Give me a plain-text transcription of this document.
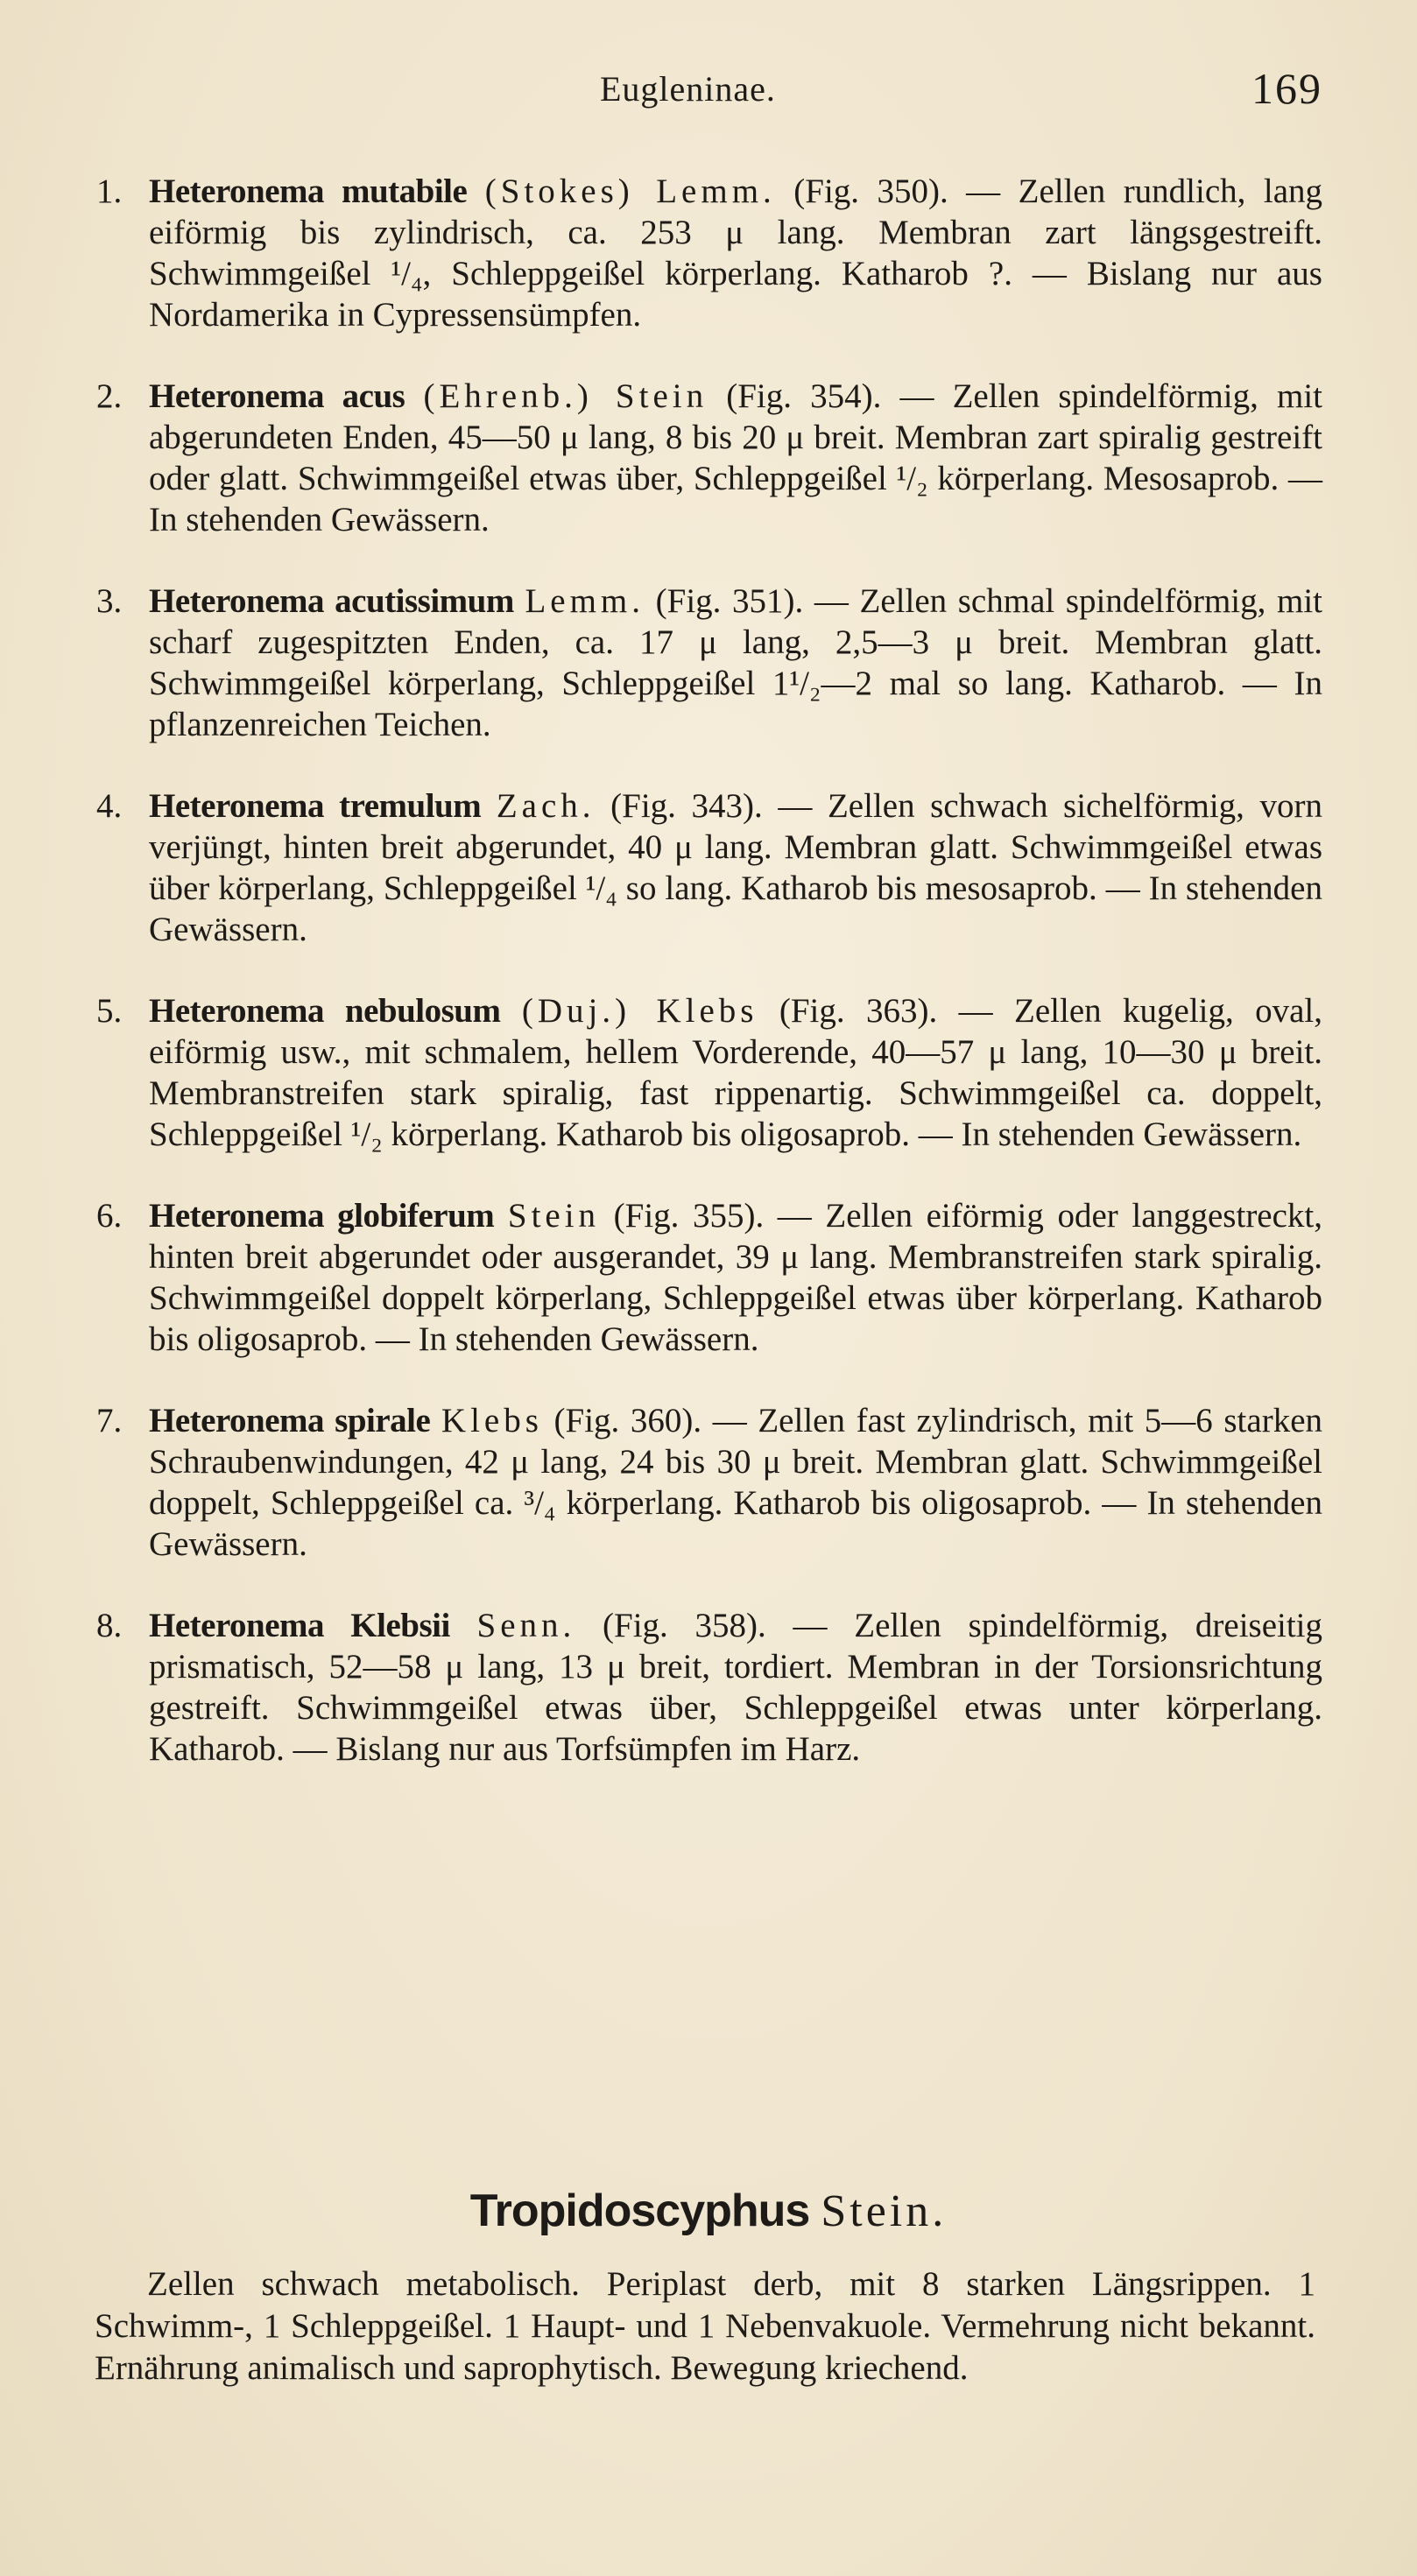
Eugleninae.	169
1. Heteronema mutabile (Stokes) Lemm. (Fig. 350). — Zellen rundlich, lang eiförmig bis zylindrisch, ca. 253 μ lang. Membran zart längsgestreift. Schwimmgeißel ¹/₄, Schleppgeißel körperlang. Katharob ?. — Bislang nur aus Nordamerika in Cypressensümpfen.
2. Heteronema acus (Ehrenb.) Stein (Fig. 354). — Zellen spindelförmig, mit abgerundeten Enden, 45—50 μ lang, 8 bis 20 μ breit. Membran zart spiralig gestreift oder glatt. Schwimmgeißel etwas über, Schleppgeißel ¹/₂ körperlang. Mesosaprob. — In stehenden Gewässern.
3. Heteronema acutissimum Lemm. (Fig. 351). — Zellen schmal spindelförmig, mit scharf zugespitzten Enden, ca. 17 μ lang, 2,5—3 μ breit. Membran glatt. Schwimmgeißel körperlang, Schleppgeißel 1¹/₂—2 mal so lang. Katharob. — In pflanzenreichen Teichen.
4. Heteronema tremulum Zach. (Fig. 343). — Zellen schwach sichelförmig, vorn verjüngt, hinten breit abgerundet, 40 μ lang. Membran glatt. Schwimmgeißel etwas über körperlang, Schleppgeißel ¹/₄ so lang. Katharob bis mesosaprob. — In stehenden Gewässern.
5. Heteronema nebulosum (Duj.) Klebs (Fig. 363). — Zellen kugelig, oval, eiförmig usw., mit schmalem, hellem Vorderende, 40—57 μ lang, 10—30 μ breit. Membranstreifen stark spiralig, fast rippenartig. Schwimmgeißel ca. doppelt, Schleppgeißel ¹/₂ körperlang. Katharob bis oligosaprob. — In stehenden Gewässern.
6. Heteronema globiferum Stein (Fig. 355). — Zellen eiförmig oder langgestreckt, hinten breit abgerundet oder ausgerandet, 39 μ lang. Membranstreifen stark spiralig. Schwimmgeißel doppelt körperlang, Schleppgeißel etwas über körperlang. Katharob bis oligosaprob. — In stehenden Gewässern.
7. Heteronema spirale Klebs (Fig. 360). — Zellen fast zylindrisch, mit 5—6 starken Schraubenwindungen, 42 μ lang, 24 bis 30 μ breit. Membran glatt. Schwimmgeißel doppelt, Schleppgeißel ca. ³/₄ körperlang. Katharob bis oligosaprob. — In stehenden Gewässern.
8. Heteronema Klebsii Senn. (Fig. 358). — Zellen spindelförmig, dreiseitig prismatisch, 52—58 μ lang, 13 μ breit, tordiert. Membran in der Torsionsrichtung gestreift. Schwimmgeißel etwas über, Schleppgeißel etwas unter körperlang. Katharob. — Bislang nur aus Torfsümpfen im Harz.
Tropidoscyphus Stein.
Zellen schwach metabolisch. Periplast derb, mit 8 starken Längsrippen. 1 Schwimm-, 1 Schleppgeißel. 1 Haupt- und 1 Nebenvakuole. Vermehrung nicht bekannt. Ernährung animalisch und saprophytisch. Bewegung kriechend.
